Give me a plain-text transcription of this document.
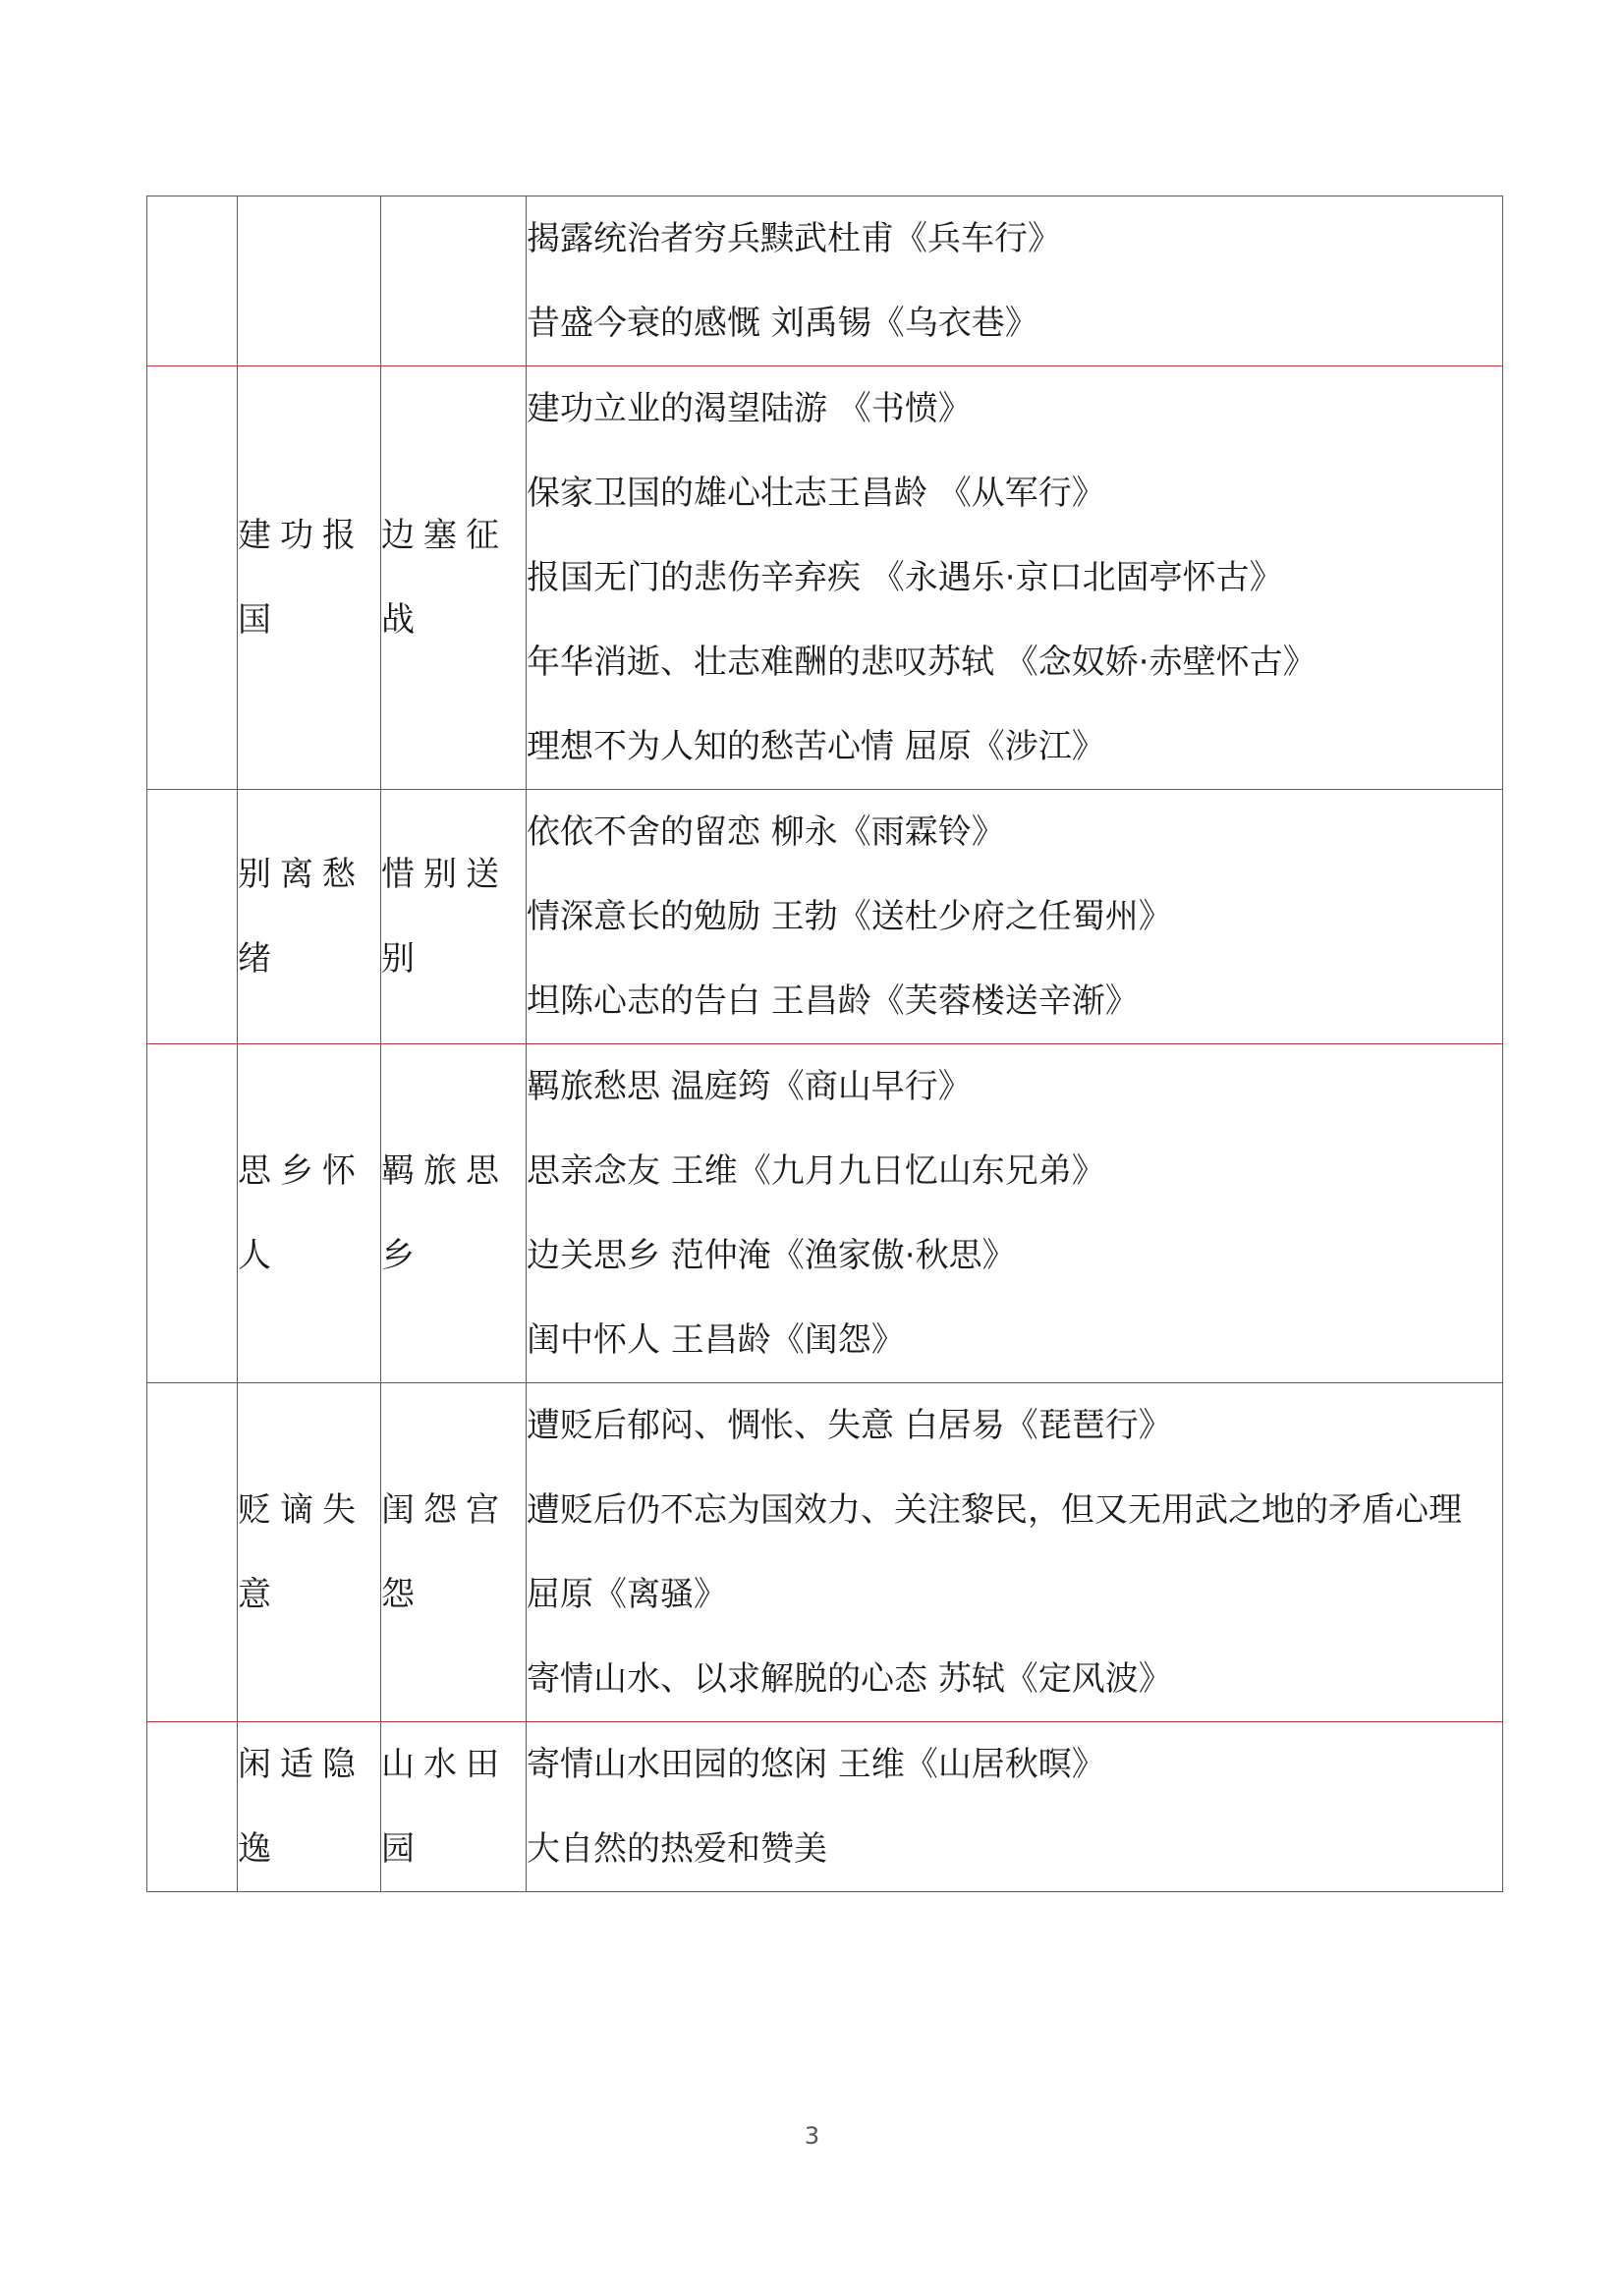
			揭露统治者穷兵黩武杜甫《兵车行》
昔盛今衰的感慨 刘禹锡《乌衣巷》

	建功报国	边塞征战	建功立业的渴望陆游 《书愤》
保家卫国的雄心壮志王昌龄 《从军行》
报国无门的悲伤辛弃疾 《永遇乐·京口北固亭怀古》
年华消逝、壮志难酬的悲叹苏轼 《念奴娇·赤壁怀古》
理想不为人知的愁苦心情 屈原《涉江》

	别离愁绪	惜别送别	依依不舍的留恋 柳永《雨霖铃》
情深意长的勉励 王勃《送杜少府之任蜀州》
坦陈心志的告白 王昌龄《芙蓉楼送辛渐》

	思乡怀人	羁旅思乡	羁旅愁思 温庭筠《商山早行》
思亲念友 王维《九月九日忆山东兄弟》
边关思乡 范仲淹《渔家傲·秋思》
闺中怀人 王昌龄《闺怨》

	贬谪失意	闺怨宫怨	遭贬后郁闷、惆怅、失意 白居易《琵琶行》
遭贬后仍不忘为国效力、关注黎民，但又无用武之地的矛盾心理 屈原《离骚》
寄情山水、以求解脱的心态 苏轼《定风波》

	闲适隐逸	山水田园	寄情山水田园的悠闲 王维《山居秋暝》
大自然的热爱和赞美
3
